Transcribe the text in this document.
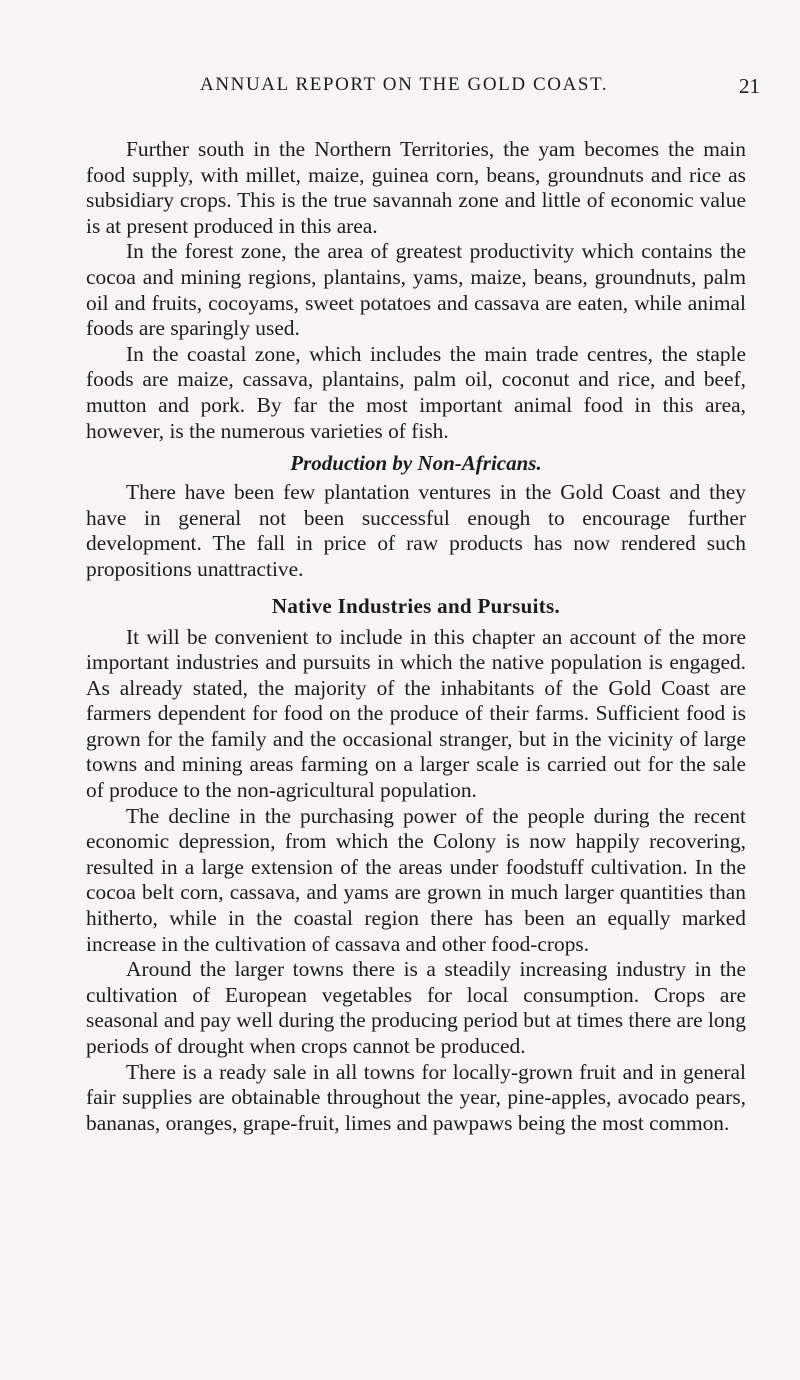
ANNUAL REPORT ON THE GOLD COAST.	21

Further south in the Northern Territories, the yam becomes the main food supply, with millet, maize, guinea corn, beans, groundnuts and rice as subsidiary crops. This is the true savannah zone and little of economic value is at present produced in this area.

In the forest zone, the area of greatest productivity which contains the cocoa and mining regions, plantains, yams, maize, beans, groundnuts, palm oil and fruits, cocoyams, sweet potatoes and cassava are eaten, while animal foods are sparingly used.

In the coastal zone, which includes the main trade centres, the staple foods are maize, cassava, plantains, palm oil, coconut and rice, and beef, mutton and pork. By far the most important animal food in this area, however, is the numerous varieties of fish.

Production by Non-Africans.

There have been few plantation ventures in the Gold Coast and they have in general not been successful enough to encourage further development. The fall in price of raw products has now rendered such propositions unattractive.

Native Industries and Pursuits.

It will be convenient to include in this chapter an account of the more important industries and pursuits in which the native population is engaged. As already stated, the majority of the inhabitants of the Gold Coast are farmers dependent for food on the produce of their farms. Sufficient food is grown for the family and the occasional stranger, but in the vicinity of large towns and mining areas farming on a larger scale is carried out for the sale of produce to the non-agricultural population.

The decline in the purchasing power of the people during the recent economic depression, from which the Colony is now happily recovering, resulted in a large extension of the areas under foodstuff cultivation. In the cocoa belt corn, cassava, and yams are grown in much larger quantities than hitherto, while in the coastal region there has been an equally marked increase in the cultivation of cassava and other food-crops.

Around the larger towns there is a steadily increasing industry in the cultivation of European vegetables for local consumption. Crops are seasonal and pay well during the producing period but at times there are long periods of drought when crops cannot be produced.

There is a ready sale in all towns for locally-grown fruit and in general fair supplies are obtainable throughout the year, pine-apples, avocado pears, bananas, oranges, grape-fruit, limes and pawpaws being the most common.
